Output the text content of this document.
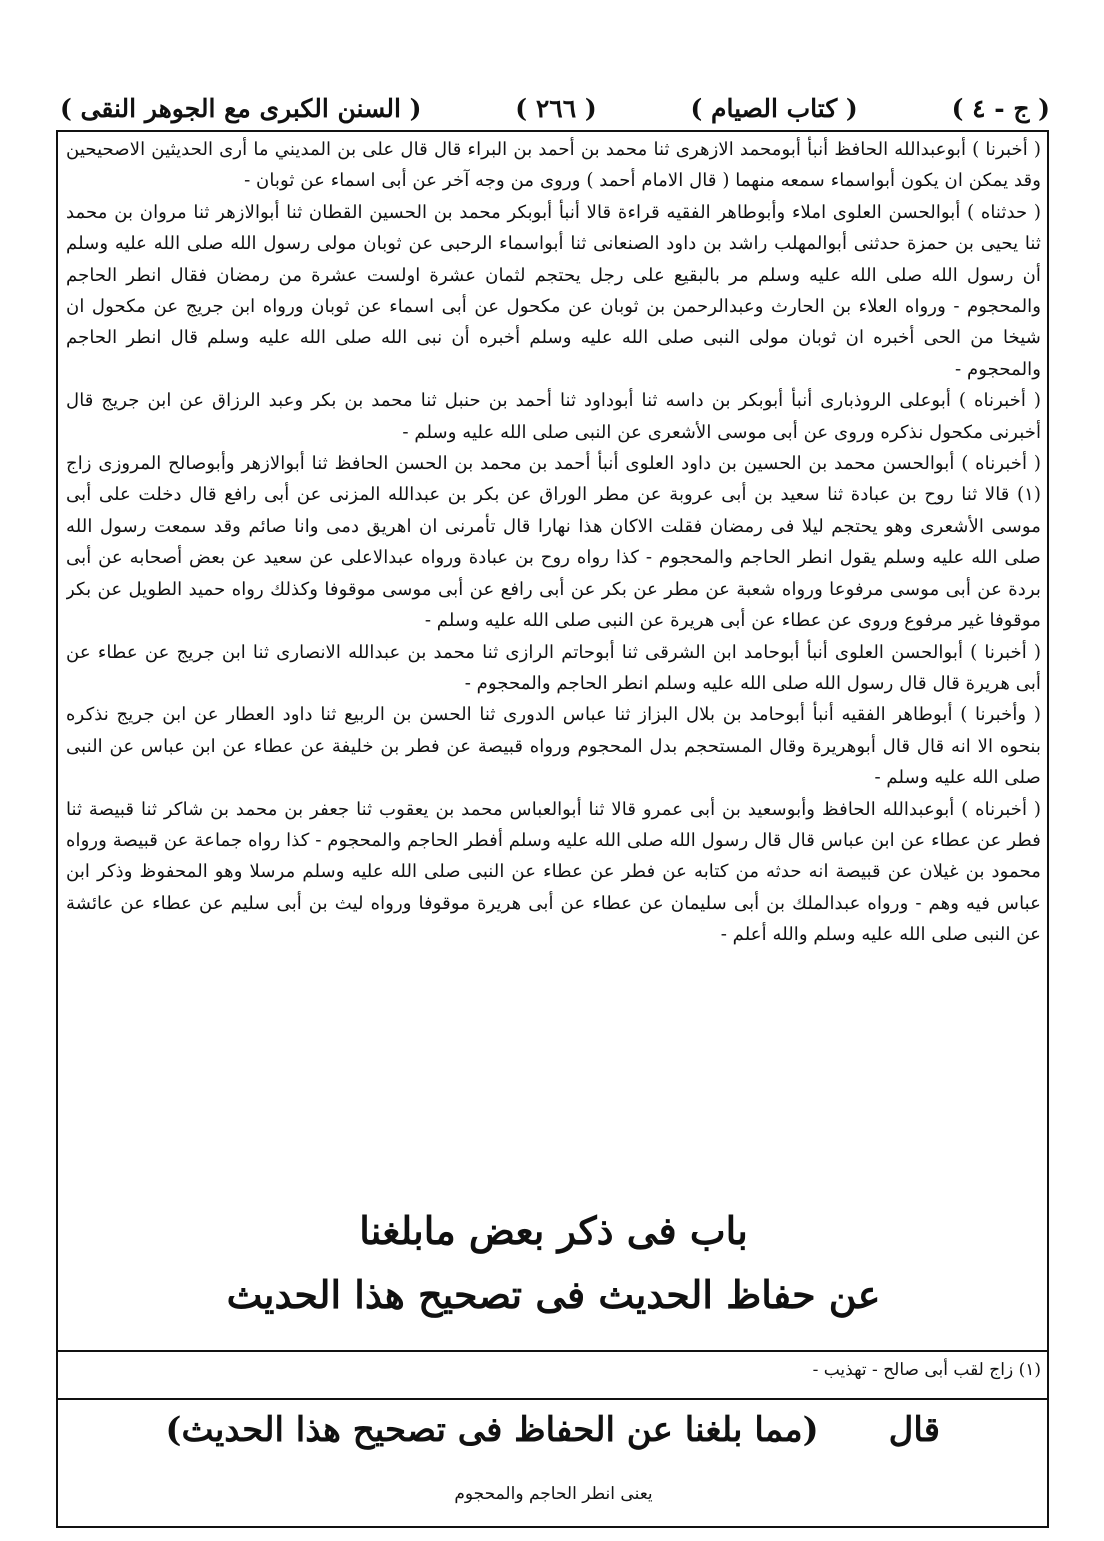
( السنن الكبرى مع الجوهر النقى )	( ٢٦٦ )	( كتاب الصيام )	( ج - ٤ )

( أخبرنا ) أبوعبدالله الحافظ أنبأ أبومحمد الازهرى ثنا محمد بن أحمد بن البراء قال قال على بن المديني ما أرى الحديثين الاصحيحين وقد يمكن ان يكون أبواسماء سمعه منهما ( قال الامام أحمد ) وروى من وجه آخر عن أبى اسماء عن ثوبان -

( حدثناه ) أبوالحسن العلوى املاء وأبوطاهر الفقيه قراءة قالا أنبأ أبوبكر محمد بن الحسين القطان ثنا أبوالازهر ثنا مروان بن محمد ثنا يحيى بن حمزة حدثنى أبوالمهلب راشد بن داود الصنعانى ثنا أبواسماء الرحبى عن ثوبان مولى رسول الله صلى الله عليه وسلم أن رسول الله صلى الله عليه وسلم مر بالبقيع على رجل يحتجم لثمان عشرة اولست عشرة من رمضان فقال انطر الحاجم والمحجوم - ورواه العلاء بن الحارث وعبدالرحمن بن ثوبان عن مكحول عن أبى اسماء عن ثوبان ورواه ابن جريج عن مكحول ان شيخا من الحى أخبره ان ثوبان مولى النبى صلى الله عليه وسلم أخبره أن نبى الله صلى الله عليه وسلم قال انطر الحاجم والمحجوم -

( أخبرناه ) أبوعلى الروذبارى أنبأ أبوبكر بن داسه ثنا أبوداود ثنا أحمد بن حنبل ثنا محمد بن بكر وعبد الرزاق عن ابن جريج قال أخبرنى مكحول نذكره وروى عن أبى موسى الأشعرى عن النبى صلى الله عليه وسلم -

( أخبرناه ) أبوالحسن محمد بن الحسين بن داود العلوى أنبأ أحمد بن محمد بن الحسن الحافظ ثنا أبوالازهر وأبوصالح المروزى زاج (١) قالا ثنا روح بن عبادة ثنا سعيد بن أبى عروبة عن مطر الوراق عن بكر بن عبدالله المزنى عن أبى رافع قال دخلت على أبى موسى الأشعرى وهو يحتجم ليلا فى رمضان فقلت الاكان هذا نهارا قال تأمرنى ان اهريق دمى وانا صائم وقد سمعت رسول الله صلى الله عليه وسلم يقول انطر الحاجم والمحجوم - كذا رواه روح بن عبادة ورواه عبدالاعلى عن سعيد عن بعض أصحابه عن أبى بردة عن أبى موسى مرفوعا ورواه شعبة عن مطر عن بكر عن أبى رافع عن أبى موسى موقوفا وكذلك رواه حميد الطويل عن بكر موقوفا غير مرفوع وروى عن عطاء عن أبى هريرة عن النبى صلى الله عليه وسلم -

( أخبرنا ) أبوالحسن العلوى أنبأ أبوحامد ابن الشرقى ثنا أبوحاتم الرازى ثنا محمد بن عبدالله الانصارى ثنا ابن جريج عن عطاء عن أبى هريرة قال قال رسول الله صلى الله عليه وسلم انطر الحاجم والمحجوم -

( وأخبرنا ) أبوطاهر الفقيه أنبأ أبوحامد بن بلال البزاز ثنا عباس الدورى ثنا الحسن بن الربيع ثنا داود العطار عن ابن جريج نذكره بنحوه الا انه قال قال أبوهريرة وقال المستحجم بدل المحجوم ورواه قبيصة عن فطر بن خليفة عن عطاء عن ابن عباس عن النبى صلى الله عليه وسلم -

( أخبرناه ) أبوعبدالله الحافظ وأبوسعيد بن أبى عمرو قالا ثنا أبوالعباس محمد بن يعقوب ثنا جعفر بن محمد بن شاكر ثنا قبيصة ثنا فطر عن عطاء عن ابن عباس قال قال رسول الله صلى الله عليه وسلم أفطر الحاجم والمحجوم - كذا رواه جماعة عن قبيصة ورواه محمود بن غيلان عن قبيصة انه حدثه من كتابه عن فطر عن عطاء عن النبى صلى الله عليه وسلم مرسلا وهو المحفوظ وذكر ابن عباس فيه وهم - ورواه عبدالملك بن أبى سليمان عن عطاء عن أبى هريرة موقوفا ورواه ليث بن أبى سليم عن عطاء عن عائشة عن النبى صلى الله عليه وسلم والله أعلم -

باب فى ذكر بعض مابلغنا
عن حفاظ الحديث فى تصحيح هذا الحديث
(١) زاج لقب أبى صالح - تهذيب -
قال
(مما بلغنا عن الحفاظ فى تصحيح هذا الحديث)
يعنى انطر الحاجم والمحجوم
